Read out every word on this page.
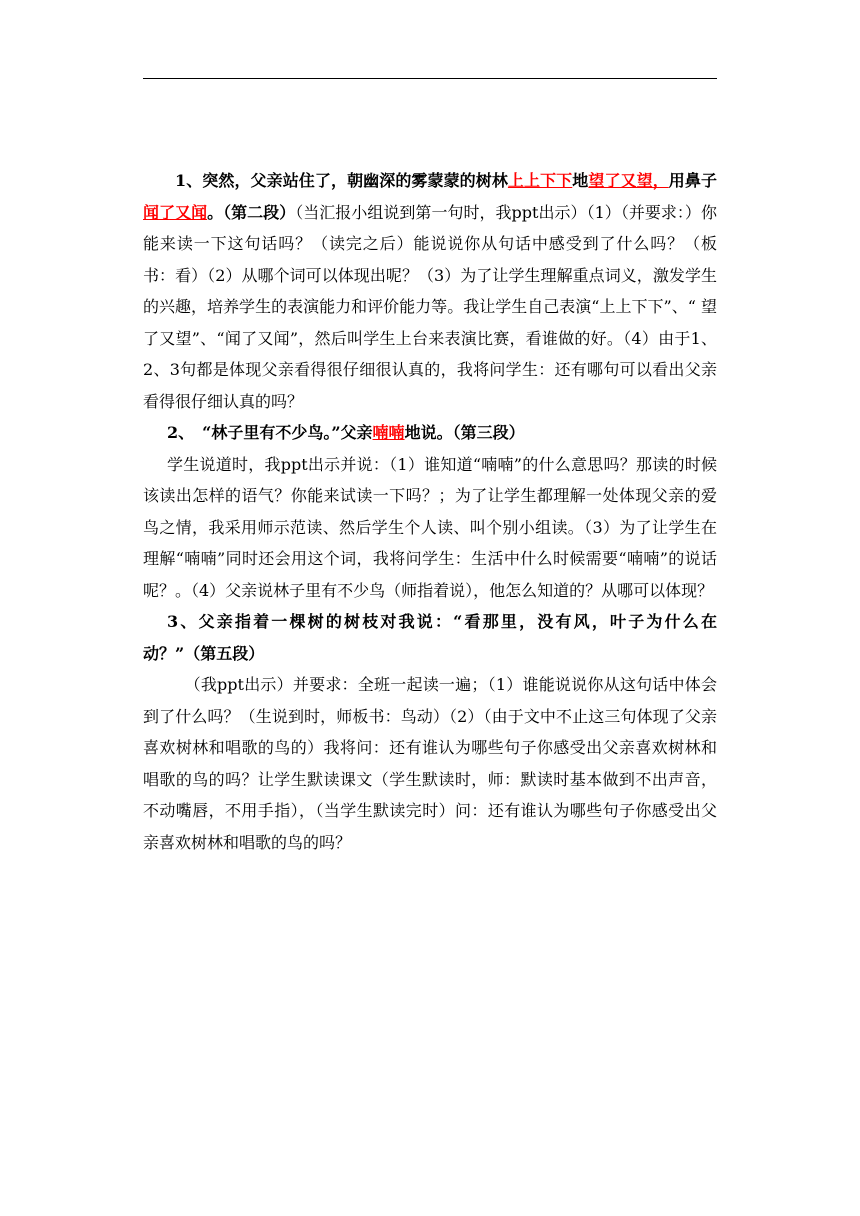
1、突然，父亲站住了，朝幽深的雾蒙蒙的树林上上下下地望了又望，用鼻子闻了又闻。（第二段）（当汇报小组说到第一句时，我ppt出示）（1）（并要求：）你能来读一下这句话吗？（读完之后）能说说你从句话中感受到了什么吗？（板书：看）（2）从哪个词可以体现出呢？（3）为了让学生理解重点词义，激发学生的兴趣，培养学生的表演能力和评价能力等。我让学生自己表演“上上下下”、“ 望了又望”、“闻了又闻”，然后叫学生上台来表演比赛，看谁做的好。（4）由于1、2、3句都是体现父亲看得很仔细很认真的，我将问学生：还有哪句可以看出父亲看得很仔细认真的吗？

2、　“林子里有不少鸟。”父亲喃喃地说。（第三段）

学生说道时，我ppt出示并说：（1）谁知道“喃喃”的什么意思吗？那读的时候该读出怎样的语气？你能来试读一下吗？；为了让学生都理解一处体现父亲的爱鸟之情，我采用师示范读、然后学生个人读、叫个别小组读。（3）为了让学生在理解“喃喃”同时还会用这个词，我将问学生：生活中什么时候需要“喃喃”的说话呢？。（4）父亲说林子里有不少鸟（师指着说），他怎么知道的？从哪可以体现？

3、父亲指着一棵树的树枝对我说：“看那里，没有风，叶子为什么在动？”（第五段）

（我ppt出示）并要求：全班一起读一遍；（1）谁能说说你从这句话中体会到了什么吗？（生说到时，师板书：鸟动）（2）（由于文中不止这三句体现了父亲喜欢树林和唱歌的鸟的）我将问：还有谁认为哪些句子你感受出父亲喜欢树林和唱歌的鸟的吗？让学生默读课文（学生默读时，师：默读时基本做到不出声音，不动嘴唇，不用手指），（当学生默读完时）问：还有谁认为哪些句子你感受出父亲喜欢树林和唱歌的鸟的吗？
